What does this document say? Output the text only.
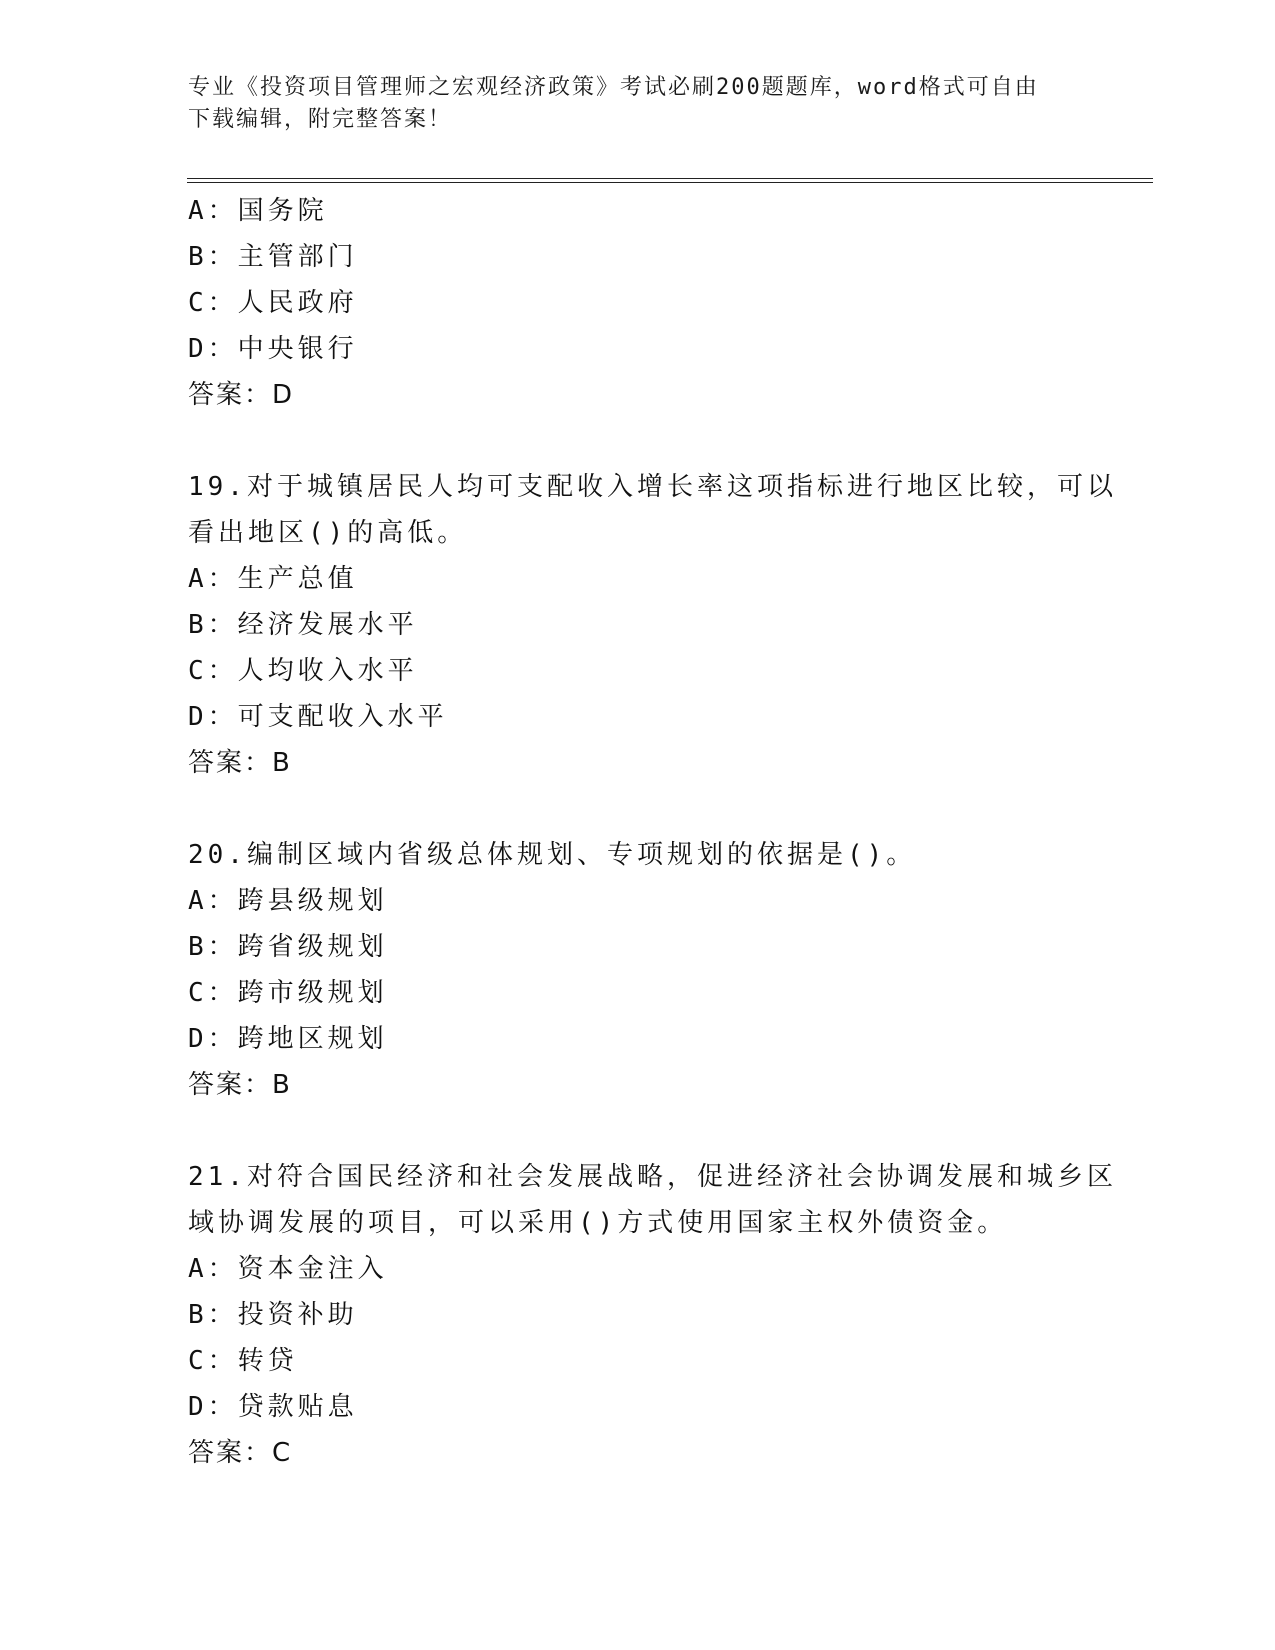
专业《投资项目管理师之宏观经济政策》考试必刷200题题库，word格式可自由
下载编辑，附完整答案！
A：国务院
B：主管部门
C：人民政府
D：中央银行
答案：D
19.对于城镇居民人均可支配收入增长率这项指标进行地区比较，可以
看出地区()的高低。
A：生产总值
B：经济发展水平
C：人均收入水平
D：可支配收入水平
答案：B
20.编制区域内省级总体规划、专项规划的依据是()。
A：跨县级规划
B：跨省级规划
C：跨市级规划
D：跨地区规划
答案：B
21.对符合国民经济和社会发展战略，促进经济社会协调发展和城乡区
域协调发展的项目，可以采用()方式使用国家主权外债资金。
A：资本金注入
B：投资补助
C：转贷
D：贷款贴息
答案：C
